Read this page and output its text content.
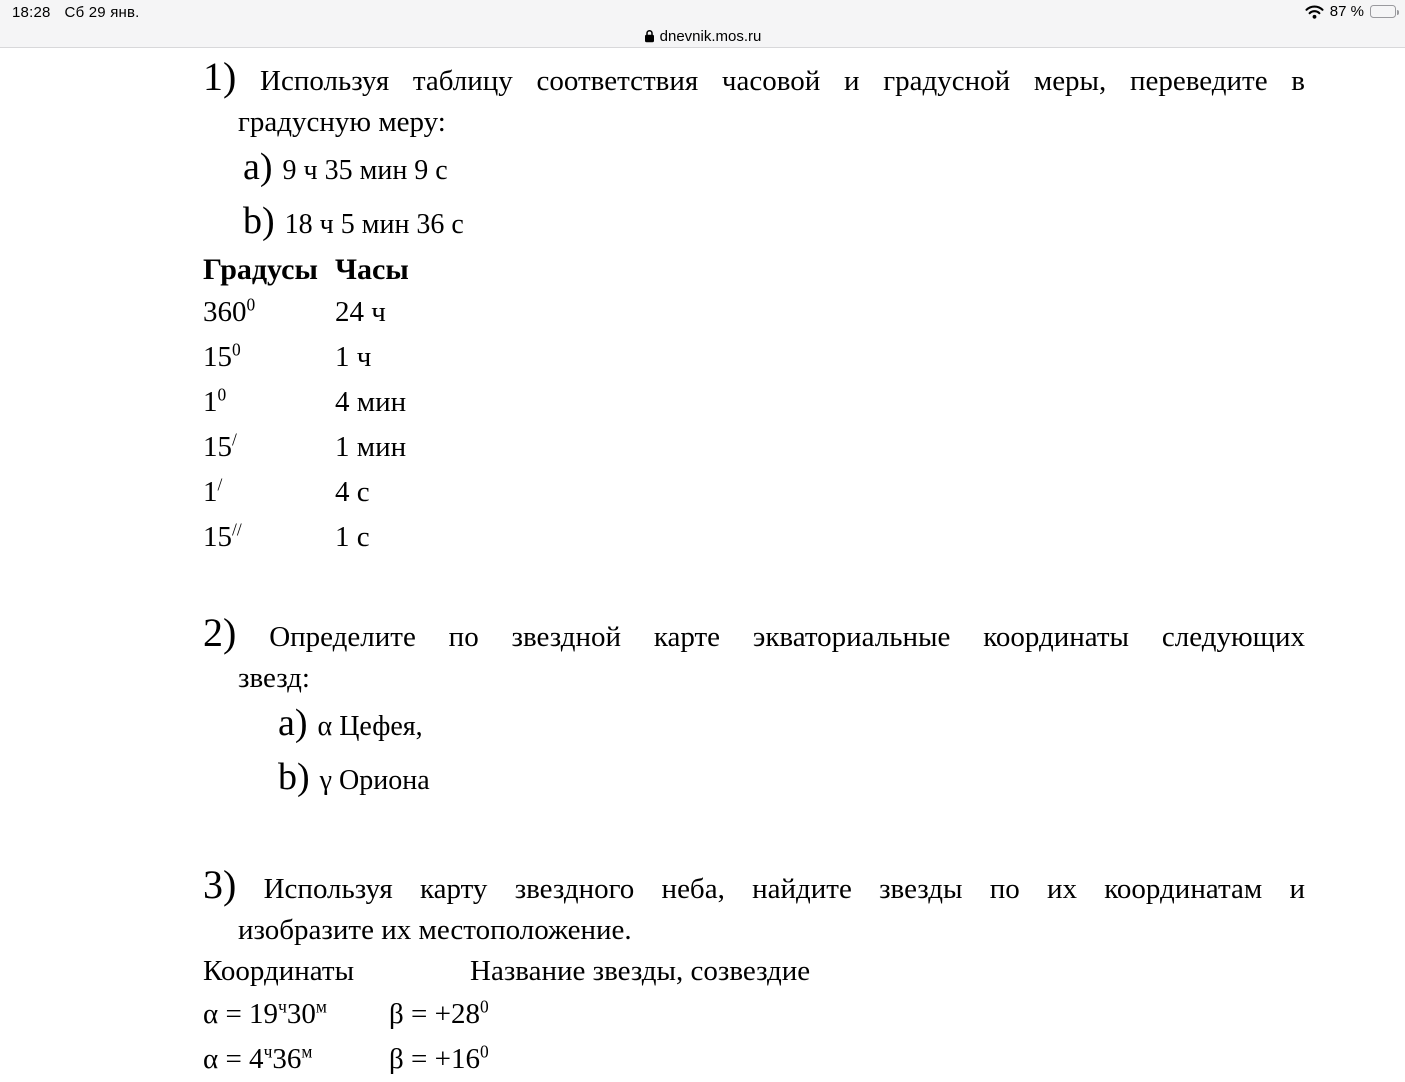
18:28 Сб 29 янв.	87 %
dnevnik.mos.ru
1) Используя таблицу соответствия часовой и градусной меры, переведите в
градусную меру:
a) 9 ч 35 мин 9 с
b) 18 ч 5 мин 36 с
Градусы Часы
$360^0$	24 ч
$15^0$	1 ч
$1^0$	4 мин
15/	1 мин
1/	4 с
15//	1 с
2) Определите по звездной карте экваториальные координаты следующих
звезд:
a) α Цефея,
b) γ Ориона
3) Используя карту звездного неба, найдите звезды по их координатам и
изобразите их местоположение.
Координаты	Название звезды, созвездие
$\alpha = 19^ч30^м$	$\beta = +28^0$
$\alpha = 4^ч36^м$	$\beta = +16^0$
